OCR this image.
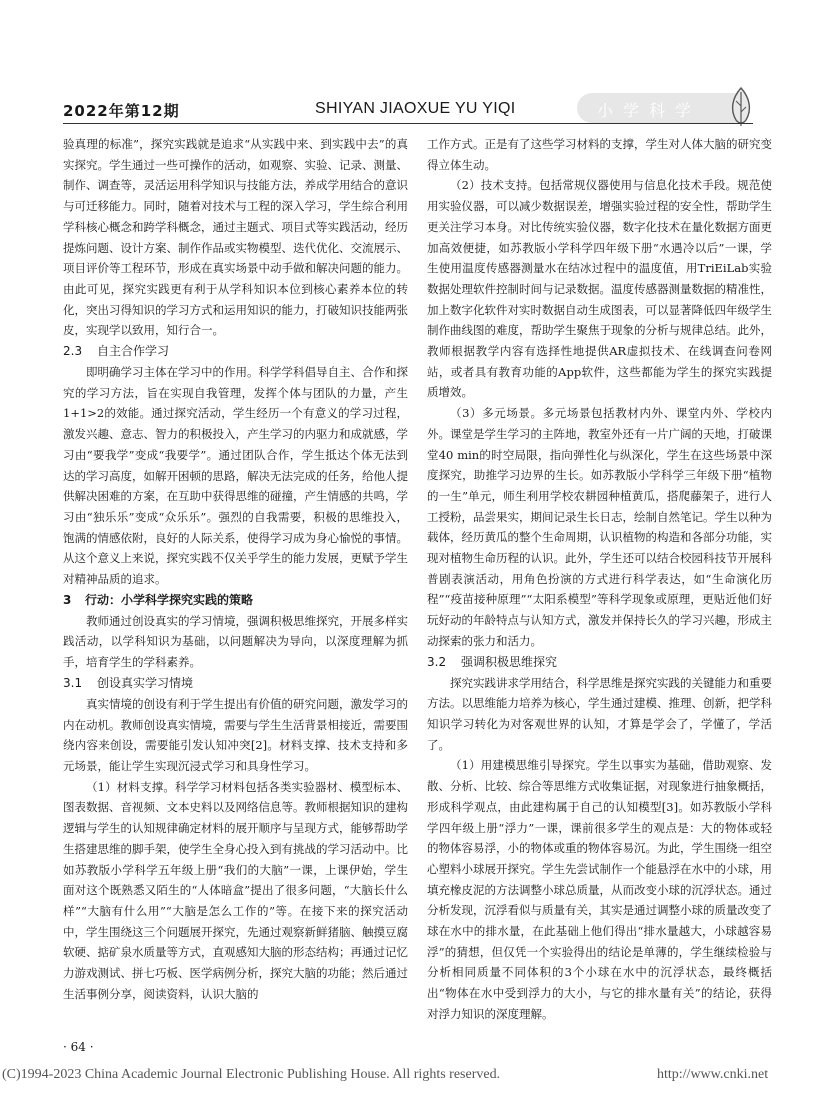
2022年第12期	SHIYAN JIAOXUE YU YIQI	小学科学

验真理的标准”，探究实践就是追求“从实践中来、到实践中去”的真实探究。学生通过一些可操作的活动，如观察、实验、记录、测量、制作、调查等，灵活运用科学知识与技能方法，养成学用结合的意识与可迁移能力。同时，随着对技术与工程的深入学习，学生综合利用学科核心概念和跨学科概念，通过主题式、项目式等实践活动，经历提炼问题、设计方案、制作作品或实物模型、迭代优化、交流展示、项目评价等工程环节，形成在真实场景中动手做和解决问题的能力。由此可见，探究实践更有利于从学科知识本位到核心素养本位的转化，突出习得知识的学习方式和运用知识的能力，打破知识技能两张皮，实现学以致用，知行合一。

2.3 自主合作学习

即明确学习主体在学习中的作用。科学学科倡导自主、合作和探究的学习方法，旨在实现自我管理，发挥个体与团队的力量，产生1+1>2的效能。通过探究活动，学生经历一个有意义的学习过程，激发兴趣、意志、智力的积极投入，产生学习的内驱力和成就感，学习由“要我学”变成“我要学”。通过团队合作，学生抵达个体无法到达的学习高度，如解开困顿的思路，解决无法完成的任务，给他人提供解决困难的方案，在互助中获得思维的碰撞，产生情感的共鸣，学习由“独乐乐”变成“众乐乐”。强烈的自我需要，积极的思维投入，饱满的情感依附，良好的人际关系，使得学习成为身心愉悦的事情。从这个意义上来说，探究实践不仅关乎学生的能力发展，更赋予学生对精神品质的追求。

3 行动：小学科学探究实践的策略

教师通过创设真实的学习情境，强调积极思维探究，开展多样实践活动，以学科知识为基础，以问题解决为导向，以深度理解为抓手，培育学生的学科素养。

3.1 创设真实学习情境

真实情境的创设有利于学生提出有价值的研究问题，激发学习的内在动机。教师创设真实情境，需要与学生生活背景相接近，需要围绕内容来创设，需要能引发认知冲突[2]。材料支撑、技术支持和多元场景，能让学生实现沉浸式学习和具身性学习。

（1）材料支撑。科学学习材料包括各类实验器材、模型标本、图表数据、音视频、文本史料以及网络信息等。教师根据知识的建构逻辑与学生的认知规律确定材料的展开顺序与呈现方式，能够帮助学生搭建思维的脚手架，使学生全身心投入到有挑战的学习活动中。比如苏教版小学科学五年级上册“我们的大脑”一课，上课伊始，学生面对这个既熟悉又陌生的“人体暗盒”提出了很多问题，“大脑长什么样”“大脑有什么用”“大脑是怎么工作的”等。在接下来的探究活动中，学生围绕这三个问题展开探究，先通过观察新鲜猪脑、触摸豆腐软硬、掂矿泉水质量等方式，直观感知大脑的形态结构；再通过记忆力游戏测试、拼七巧板、医学病例分析，探究大脑的功能；然后通过生活事例分享，阅读资料，认识大脑的

工作方式。正是有了这些学习材料的支撑，学生对人体大脑的研究变得立体生动。

（2）技术支持。包括常规仪器使用与信息化技术手段。规范使用实验仪器，可以减少数据误差，增强实验过程的安全性，帮助学生更关注学习本身。对比传统实验仪器，数字化技术在量化数据方面更加高效便捷，如苏教版小学科学四年级下册“水遇冷以后”一课，学生使用温度传感器测量水在结冰过程中的温度值，用TriEiLab实验数据处理软件控制时间与记录数据。温度传感器测量数据的精准性，加上数字化软件对实时数据自动生成图表，可以显著降低四年级学生制作曲线图的难度，帮助学生聚焦于现象的分析与规律总结。此外，教师根据教学内容有选择性地提供AR虚拟技术、在线调查问卷网站，或者具有教育功能的App软件，这些都能为学生的探究实践提质增效。

（3）多元场景。多元场景包括教材内外、课堂内外、学校内外。课堂是学生学习的主阵地，教室外还有一片广阔的天地，打破课堂40 min的时空局限，指向弹性化与纵深化，学生在这些场景中深度探究，助推学习边界的生长。如苏教版小学科学三年级下册“植物的一生”单元，师生利用学校农耕园种植黄瓜，搭爬藤架子，进行人工授粉，品尝果实，期间记录生长日志，绘制自然笔记。学生以种为载体，经历黄瓜的整个生命周期，认识植物的构造和各部分功能，实现对植物生命历程的认识。此外，学生还可以结合校园科技节开展科普剧表演活动，用角色扮演的方式进行科学表达，如“生命演化历程”“疫苗接种原理”“太阳系模型”等科学现象或原理，更贴近他们好玩好动的年龄特点与认知方式，激发并保持长久的学习兴趣，形成主动探索的张力和活力。

3.2 强调积极思维探究

探究实践讲求学用结合，科学思维是探究实践的关键能力和重要方法。以思维能力培养为核心，学生通过建模、推理、创新，把学科知识学习转化为对客观世界的认知，才算是学会了，学懂了，学活了。

（1）用建模思维引导探究。学生以事实为基础，借助观察、发散、分析、比较、综合等思维方式收集证据，对现象进行抽象概括，形成科学观点，由此建构属于自己的认知模型[3]。如苏教版小学科学四年级上册“浮力”一课，课前很多学生的观点是：大的物体或轻的物体容易浮，小的物体或重的物体容易沉。为此，学生围绕一组空心塑料小球展开探究。学生先尝试制作一个能悬浮在水中的小球，用填充橡皮泥的方法调整小球总质量，从而改变小球的沉浮状态。通过分析发现，沉浮看似与质量有关，其实是通过调整小球的质量改变了球在水中的排水量，在此基础上他们得出“排水量越大，小球越容易浮”的猜想，但仅凭一个实验得出的结论是单薄的，学生继续检验与分析相同质量不同体积的3个小球在水中的沉浮状态，最终概括出“物体在水中受到浮力的大小，与它的排水量有关”的结论，获得对浮力知识的深度理解。

· 64 ·
(C)1994-2023 China Academic Journal Electronic Publishing House. All rights reserved.	http://www.cnki.net
